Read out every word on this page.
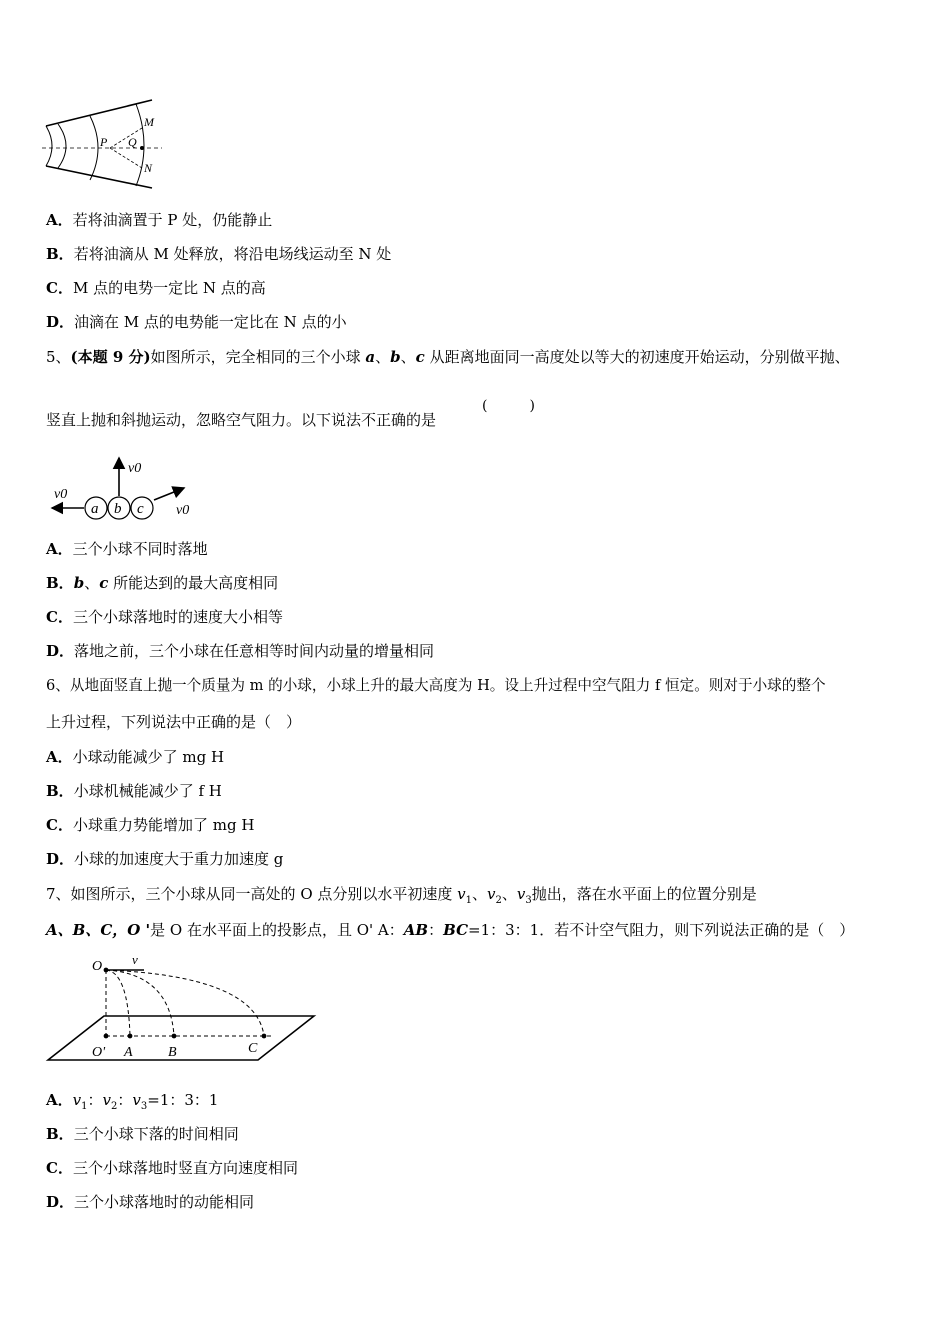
P Q
M
N
A．若将油滴置于 P 处，仍能静止
B．若将油滴从 M 处释放，将沿电场线运动至 N 处
C．M 点的电势一定比 N 点的高
D．油滴在 M 点的电势能一定比在 N 点的小
5、(本题 9 分)如图所示，完全相同的三个小球 a、b、c 从距离地面同一高度处以等大的初速度开始运动，分别做平抛、
竖直上抛和斜抛运动，忽略空气阻力。以下说法不正确的是
(　　　)
a b c
v0
v0
v0
A．三个小球不同时落地
B．b、c 所能达到的最大高度相同
C．三个小球落地时的速度大小相等
D．落地之前，三个小球在任意相等时间内动量的增量相同
6、从地面竖直上抛一个质量为 m 的小球，小球上升的最大高度为 H。设上升过程中空气阻力 f 恒定。则对于小球的整个
上升过程，下列说法中正确的是（　）
A．小球动能减少了 mg H
B．小球机械能减少了 f H
C．小球重力势能增加了 mg H
D．小球的加速度大于重力加速度 g
7、如图所示，三个小球从同一高处的 O 点分别以水平初速度 $v_1$、$v_2$、$v_3$抛出，落在水平面上的位置分别是
A、B、C，O '是 O 在水平面上的投影点，且 O' A：AB：BC=1：3：1．若不计空气阻力，则下列说法正确的是（　）
O v
O' A	B	C
A．$v_1$：$v_2$：$v_3=1$：3：1
B．三个小球下落的时间相同
C．三个小球落地时竖直方向速度相同
D．三个小球落地时的动能相同
